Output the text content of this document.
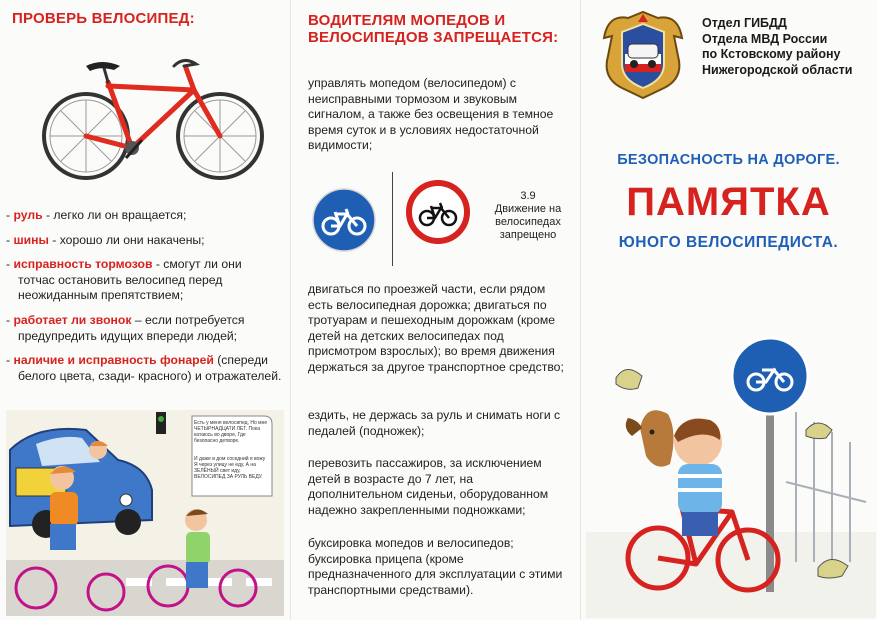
ПРОВЕРЬ ВЕЛОСИПЕД:
- руль - легко ли он вращается;
- шины - хорошо ли они накачены;
- исправность тормозов - смогут ли они
тотчас остановить велосипед перед неожиданным препятствием;
- работает ли звонок – если потребуется
предупредить идущих впереди людей;
- наличие и исправность фонарей (спереди
белого цвета, сзади- красного) и отражателей.
Есть у меня велосипед, Но мне ЧЕТЫРНАДЦАТИ ЛЕТ. Пока катаюсь во дворе, Где безопасно детворе.
И даже в дом соседний я вожу Я через улицу не еду, А на ЗЕЛЁНЫЙ свет иду, ВЕЛОСИПЕД ЗА РУЛЬ ВЕДУ.
ВОДИТЕЛЯМ МОПЕДОВ И ВЕЛОСИПЕДОВ ЗАПРЕЩАЕТСЯ:
управлять мопедом (велосипедом) с неисправными тормозом и звуковым сигналом, а также без освещения в темное время суток и в условиях недостаточной видимости;
3.9
Движение на велосипедах запрещено
двигаться по проезжей части, если рядом есть велосипедная дорожка; двигаться по тротуарам и пешеходным дорожкам (кроме детей на детских велосипедах под присмотром взрослых); во время движения держаться за другое транспортное средство;
ездить, не держась за руль и снимать ноги с педалей (подножек);
перевозить пассажиров, за исключением детей в возрасте до 7 лет, на дополнительном сиденьи, оборудованном надежно закрепленными подножками;
буксировка мопедов и велосипедов; буксировка прицепа (кроме предназначенного для эксплуатации с этими транспортными средствами).
Отдел ГИБДД
Отдела МВД России
по Кстовскому району
Нижегородской области
БЕЗОПАСНОСТЬ НА ДОРОГЕ.
ПАМЯТКА
ЮНОГО ВЕЛОСИПЕДИСТА.
